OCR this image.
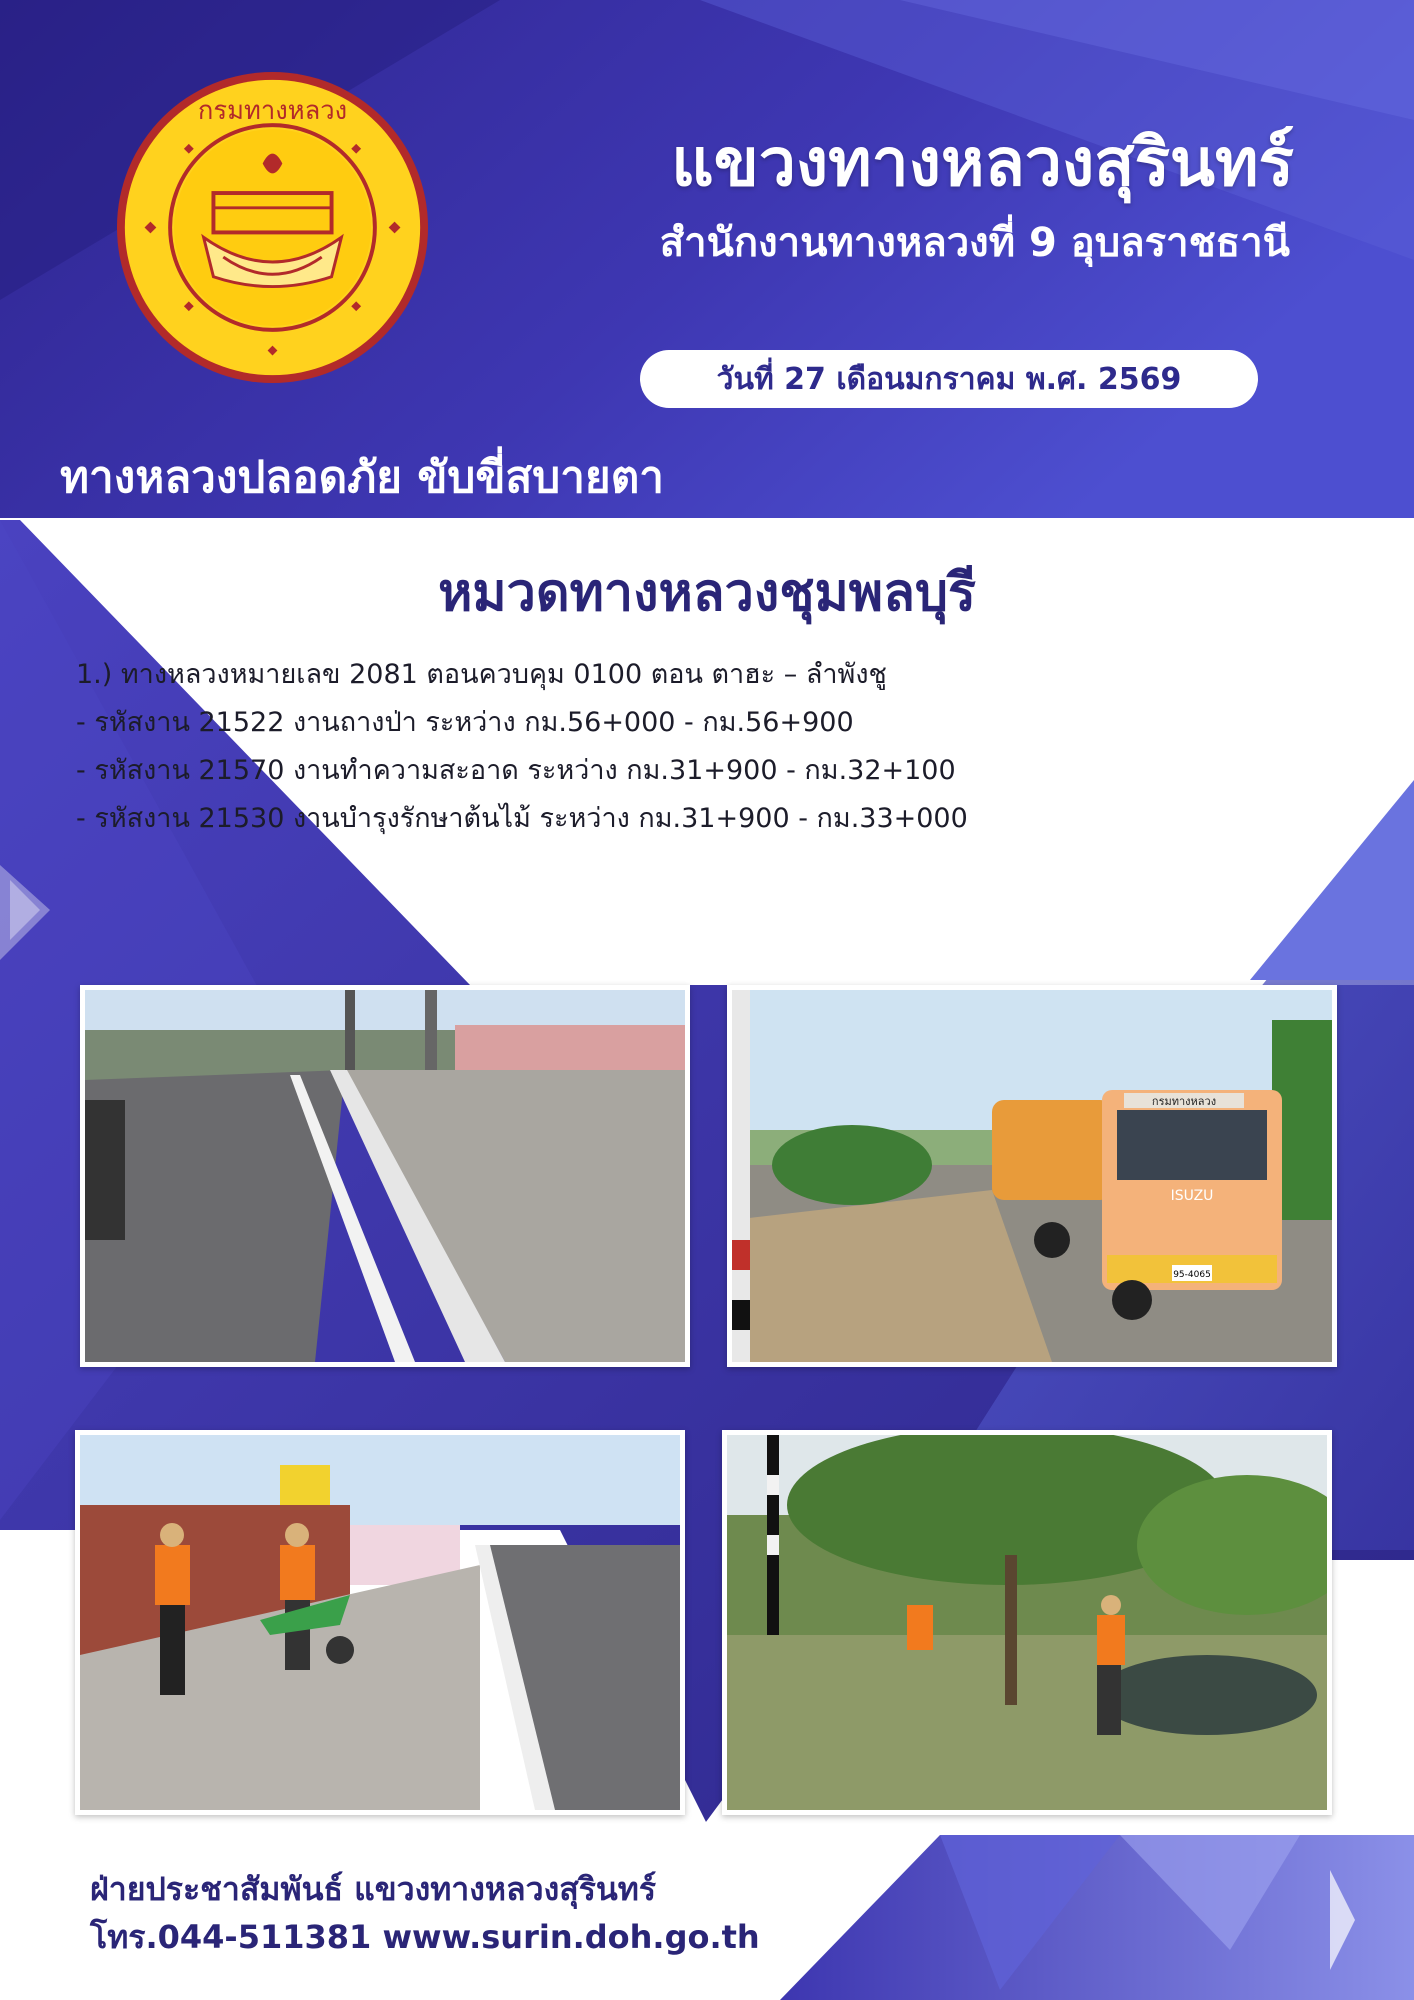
กรมทางหลวง
แขวงทางหลวงสุรินทร์
สำนักงานทางหลวงที่ 9 อุบลราชธานี
วันที่ 27 เดือนมกราคม พ.ศ. 2569
ทางหลวงปลอดภัย ขับขี่สบายตา
หมวดทางหลวงชุมพลบุรี
1.) ทางหลวงหมายเลข 2081 ตอนควบคุม 0100 ตอน ตาฮะ – ลำพังชู
- รหัสงาน 21522 งานถางป่า ระหว่าง กม.56+000 - กม.56+900
- รหัสงาน 21570 งานทำความสะอาด ระหว่าง กม.31+900 - กม.32+100
- รหัสงาน 21530 งานบำรุงรักษาต้นไม้ ระหว่าง กม.31+900 - กม.33+000
กรมทางหลวง
ISUZU
95-4065
ฝ่ายประชาสัมพันธ์ แขวงทางหลวงสุรินทร์
โทร.044-511381 www.surin.doh.go.th
